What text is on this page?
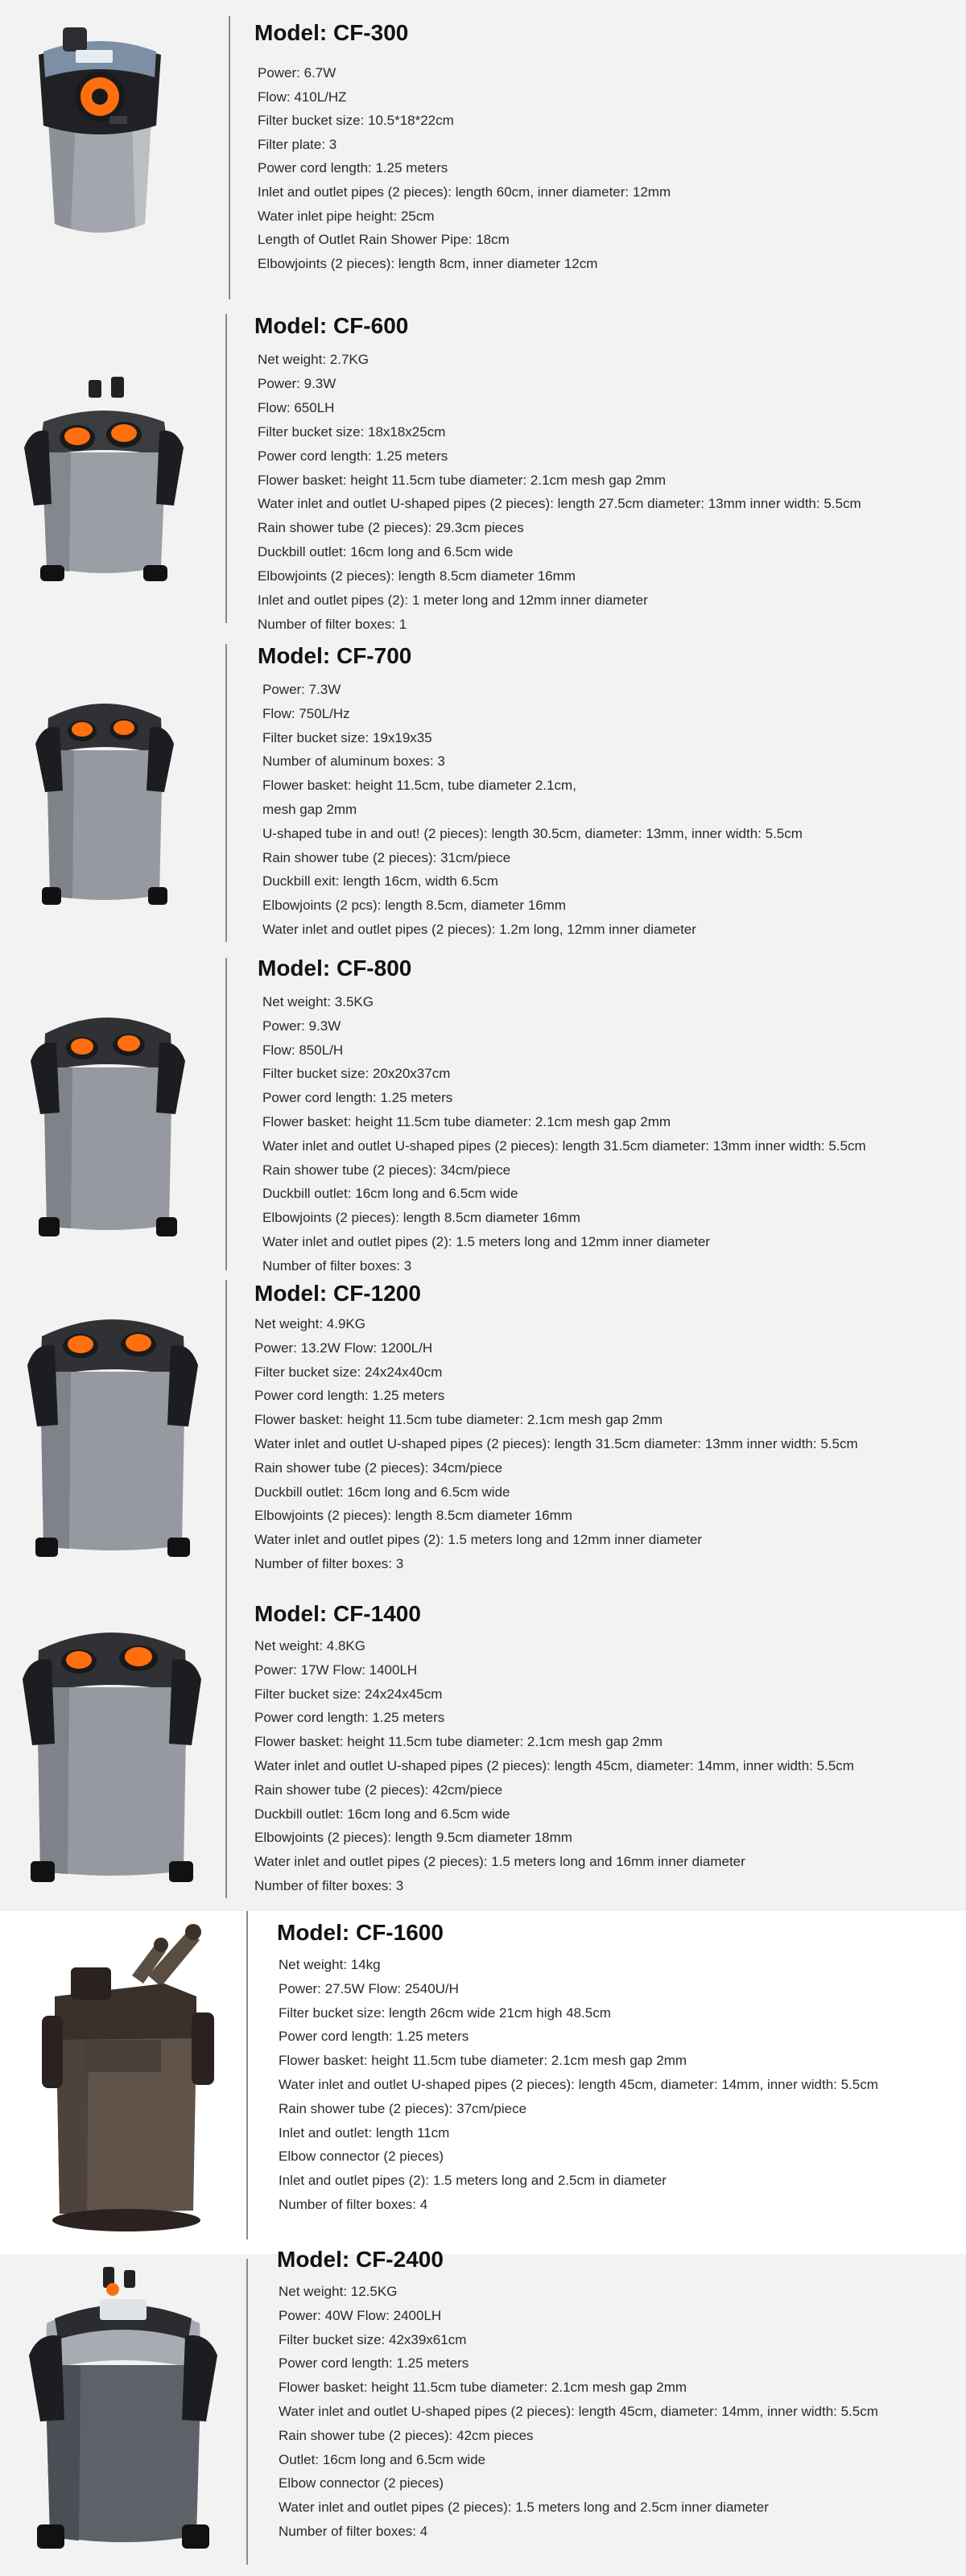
Model: CF-300
Power: 6.7W
Flow: 410L/HZ
Filter bucket size: 10.5*18*22cm
Filter plate: 3
Power cord length: 1.25 meters
Inlet and outlet pipes (2 pieces): length 60cm, inner diameter: 12mm
Water inlet pipe height: 25cm
Length of Outlet Rain Shower Pipe: 18cm
Elbowjoints (2 pieces): length 8cm, inner diameter 12cm
Model: CF-600
Net weight: 2.7KG
Power: 9.3W
Flow: 650LH
Filter bucket size: 18x18x25cm
Power cord length: 1.25 meters
Flower basket: height 11.5cm tube diameter: 2.1cm mesh gap 2mm
Water inlet and outlet U-shaped pipes (2 pieces): length 27.5cm diameter: 13mm inner width: 5.5cm
Rain shower tube (2 pieces): 29.3cm pieces
Duckbill outlet: 16cm long and 6.5cm wide
Elbowjoints (2 pieces): length 8.5cm diameter 16mm
Inlet and outlet pipes (2): 1 meter long and 12mm inner diameter
Number of filter boxes: 1
Model: CF-700
Power: 7.3W
Flow: 750L/Hz
Filter bucket size: 19x19x35
Number of aluminum boxes: 3
Flower basket: height 11.5cm, tube diameter 2.1cm,
mesh gap 2mm
U-shaped tube in and out! (2 pieces): length 30.5cm, diameter: 13mm, inner width: 5.5cm
Rain shower tube (2 pieces): 31cm/piece
Duckbill exit: length 16cm, width 6.5cm
Elbowjoints (2 pcs): length 8.5cm, diameter 16mm
Water inlet and outlet pipes (2 pieces): 1.2m long, 12mm inner diameter
Model: CF-800
Net weight: 3.5KG
Power: 9.3W
Flow: 850L/H
Filter bucket size: 20x20x37cm
Power cord length: 1.25 meters
Flower basket: height 11.5cm tube diameter: 2.1cm mesh gap 2mm
Water inlet and outlet U-shaped pipes (2 pieces): length 31.5cm diameter: 13mm inner width: 5.5cm
Rain shower tube (2 pieces): 34cm/piece
Duckbill outlet: 16cm long and 6.5cm wide
Elbowjoints (2 pieces): length 8.5cm diameter 16mm
Water inlet and outlet pipes (2): 1.5 meters long and 12mm inner diameter
Number of filter boxes: 3
Model: CF-1200
Net weight: 4.9KG
Power: 13.2W Flow: 1200L/H
Filter bucket size: 24x24x40cm
Power cord length: 1.25 meters
Flower basket: height 11.5cm tube diameter: 2.1cm mesh gap 2mm
Water inlet and outlet U-shaped pipes (2 pieces): length 31.5cm diameter: 13mm inner width: 5.5cm
Rain shower tube (2 pieces): 34cm/piece
Duckbill outlet: 16cm long and 6.5cm wide
Elbowjoints (2 pieces): length 8.5cm diameter 16mm
Water inlet and outlet pipes (2): 1.5 meters long and 12mm inner diameter
Number of filter boxes: 3
Model: CF-1400
Net weight: 4.8KG
Power: 17W Flow: 1400LH
Filter bucket size: 24x24x45cm
Power cord length: 1.25 meters
Flower basket: height 11.5cm tube diameter: 2.1cm mesh gap 2mm
Water inlet and outlet U-shaped pipes (2 pieces): length 45cm, diameter: 14mm, inner width: 5.5cm
Rain shower tube (2 pieces): 42cm/piece
Duckbill outlet: 16cm long and 6.5cm wide
Elbowjoints (2 pieces): length 9.5cm diameter 18mm
Water inlet and outlet pipes (2 pieces): 1.5 meters long and 16mm inner diameter
Number of filter boxes: 3
Model: CF-1600
Net weight: 14kg
Power: 27.5W Flow: 2540U/H
Filter bucket size: length 26cm wide 21cm high 48.5cm
Power cord length: 1.25 meters
Flower basket: height 11.5cm tube diameter: 2.1cm mesh gap 2mm
Water inlet and outlet U-shaped pipes (2 pieces): length 45cm, diameter: 14mm, inner width: 5.5cm
Rain shower tube (2 pieces): 37cm/piece
Inlet and outlet: length 11cm
Elbow connector (2 pieces)
Inlet and outlet pipes (2): 1.5 meters long and 2.5cm in diameter
Number of filter boxes: 4
Model: CF-2400
Net weight: 12.5KG
Power: 40W Flow: 2400LH
Filter bucket size: 42x39x61cm
Power cord length: 1.25 meters
Flower basket: height 11.5cm tube diameter: 2.1cm mesh gap 2mm
Water inlet and outlet U-shaped pipes (2 pieces): length 45cm, diameter: 14mm, inner width: 5.5cm
Rain shower tube (2 pieces): 42cm pieces
Outlet: 16cm long and 6.5cm wide
Elbow connector (2 pieces)
Water inlet and outlet pipes (2 pieces): 1.5 meters long and 2.5cm inner diameter
Number of filter boxes: 4
